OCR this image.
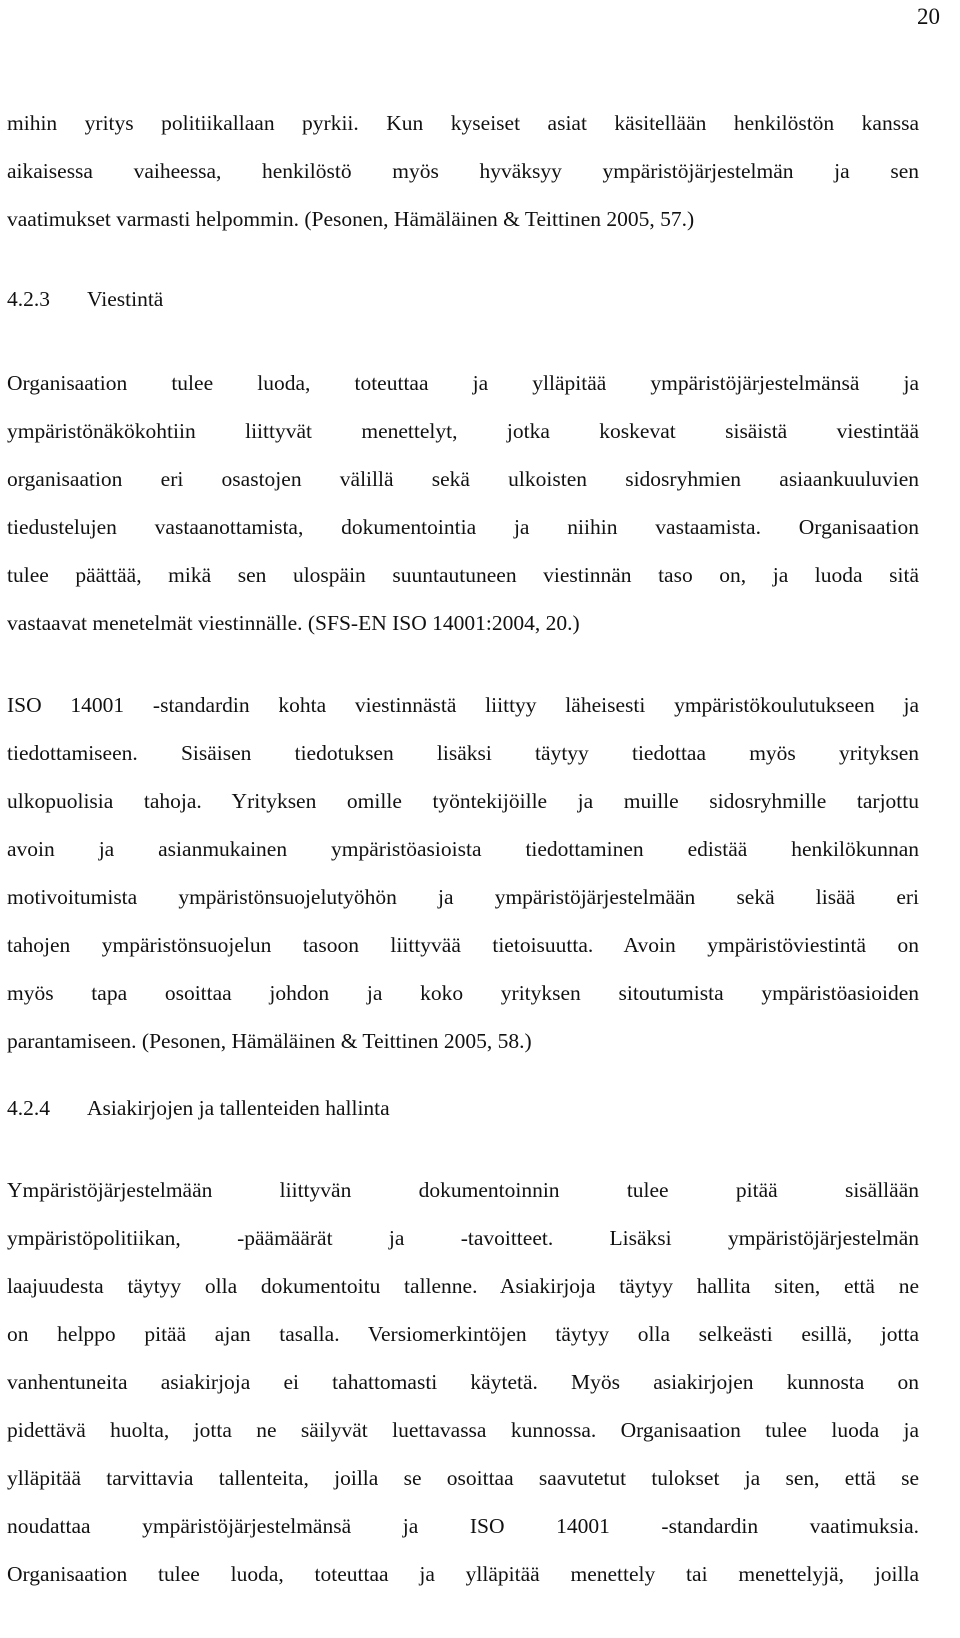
20
mihin yritys politiikallaan pyrkii. Kun kyseiset asiat käsitellään henkilöstön kanssa
aikaisessa vaiheessa, henkilöstö myös hyväksyy ympäristöjärjestelmän ja sen
vaatimukset varmasti helpommin. (Pesonen, Hämäläinen & Teittinen 2005, 57.)
4.2.3 Viestintä
Organisaation tulee luoda, toteuttaa ja ylläpitää ympäristöjärjestelmänsä ja
ympäristönäkökohtiin liittyvät menettelyt, jotka koskevat sisäistä viestintää
organisaation eri osastojen välillä sekä ulkoisten sidosryhmien asiaankuuluvien
tiedustelujen vastaanottamista, dokumentointia ja niihin vastaamista. Organisaation
tulee päättää, mikä sen ulospäin suuntautuneen viestinnän taso on, ja luoda sitä
vastaavat menetelmät viestinnälle. (SFS-EN ISO 14001:2004, 20.)
ISO 14001 -standardin kohta viestinnästä liittyy läheisesti ympäristökoulutukseen ja
tiedottamiseen. Sisäisen tiedotuksen lisäksi täytyy tiedottaa myös yrityksen
ulkopuolisia tahoja. Yrityksen omille työntekijöille ja muille sidosryhmille tarjottu
avoin ja asianmukainen ympäristöasioista tiedottaminen edistää henkilökunnan
motivoitumista ympäristönsuojelutyöhön ja ympäristöjärjestelmään sekä lisää eri
tahojen ympäristönsuojelun tasoon liittyvää tietoisuutta. Avoin ympäristöviestintä on
myös tapa osoittaa johdon ja koko yrityksen sitoutumista ympäristöasioiden
parantamiseen. (Pesonen, Hämäläinen & Teittinen 2005, 58.)
4.2.4 Asiakirjojen ja tallenteiden hallinta
Ympäristöjärjestelmään liittyvän dokumentoinnin tulee pitää sisällään
ympäristöpolitiikan, -päämäärät ja -tavoitteet. Lisäksi ympäristöjärjestelmän
laajuudesta täytyy olla dokumentoitu tallenne. Asiakirjoja täytyy hallita siten, että ne
on helppo pitää ajan tasalla. Versiomerkintöjen täytyy olla selkeästi esillä, jotta
vanhentuneita asiakirjoja ei tahattomasti käytetä. Myös asiakirjojen kunnosta on
pidettävä huolta, jotta ne säilyvät luettavassa kunnossa. Organisaation tulee luoda ja
ylläpitää tarvittavia tallenteita, joilla se osoittaa saavutetut tulokset ja sen, että se
noudattaa ympäristöjärjestelmänsä ja ISO 14001 -standardin vaatimuksia.
Organisaation tulee luoda, toteuttaa ja ylläpitää menettely tai menettelyjä, joilla
